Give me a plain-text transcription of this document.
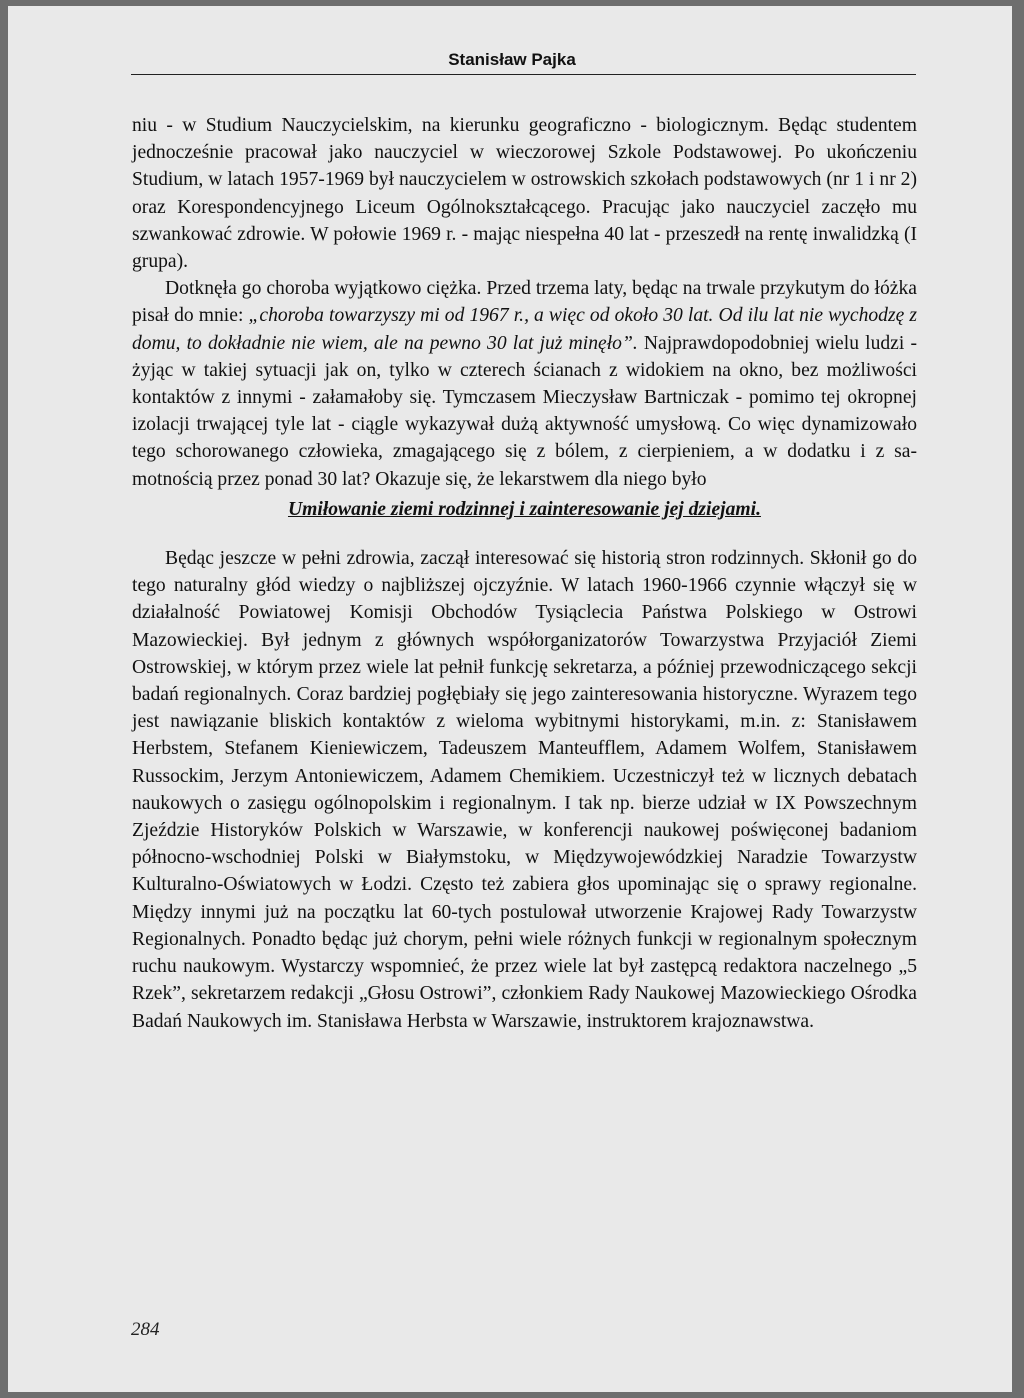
Stanisław Pajka

niu - w Studium Nauczycielskim, na kierunku geograficzno - biologicznym. Będąc studentem jednocześnie pracował jako nauczyciel w wieczorowej Szkole Podstawowej. Po ukończeniu Studium, w latach 1957-1969 był nauczycielem w ostrowskich szkołach podstawowych (nr 1 i nr 2) oraz Korespondencyjnego Liceum Ogólnokształcącego. Pracując jako nauczyciel zaczęło mu szwankować zdrowie. W połowie 1969 r. - mając niespełna 40 lat - przeszedł na rentę inwalidzką (I grupa).

Dotknęła go choroba wyjątkowo ciężka. Przed trzema laty, będąc na trwale przykutym do łóżka pisał do mnie: „choroba towarzyszy mi od 1967 r., a więc od około 30 lat. Od ilu lat nie wychodzę z domu, to dokładnie nie wiem, ale na pewno 30 lat już minęło”. Najprawdopodobniej wielu ludzi - żyjąc w takiej sytuacji jak on, tylko w czterech ścianach z widokiem na okno, bez możliwości kontaktów z innymi - załamałoby się. Tymczasem Mieczysław Bartniczak - pomimo tej okropnej izolacji trwającej tyle lat - ciągle wykazywał dużą aktywność umysłową. Co więc dynamizowało tego schorowanego człowieka, zmagającego się z bólem, z cierpieniem, a w dodatku i z samotnością przez ponad 30 lat? Okazuje się, że lekarstwem dla niego było

Umiłowanie ziemi rodzinnej i zainteresowanie jej dziejami.

Będąc jeszcze w pełni zdrowia, zaczął interesować się historią stron rodzinnych. Skłonił go do tego naturalny głód wiedzy o najbliższej ojczyźnie. W latach 1960-1966 czynnie włączył się w działalność Powiatowej Komisji Obchodów Tysiąclecia Państwa Polskiego w Ostrowi Mazowieckiej. Był jednym z głównych współorganizatorów Towarzystwa Przyjaciół Ziemi Ostrowskiej, w którym przez wiele lat pełnił funkcję sekretarza, a później przewodniczącego sekcji badań regionalnych. Coraz bardziej pogłębiały się jego zainteresowania historyczne. Wyrazem tego jest nawiązanie bliskich kontaktów z wieloma wybitnymi historykami, m.in. z: Stanisławem Herbstem, Stefanem Kieniewiczem, Tadeuszem Manteufflem, Adamem Wolfem, Stanisławem Russockim, Jerzym Antoniewiczem, Adamem Chemikiem. Uczestniczył też w licznych debatach naukowych o zasięgu ogólnopolskim i regionalnym. I tak np. bierze udział w IX Powszechnym Zjeździe Historyków Polskich w Warszawie, w konferencji naukowej poświęconej badaniom północno-wschodniej Polski w Białymstoku, w Międzywojewódzkiej Naradzie Towarzystw Kulturalno-Oświatowych w Łodzi. Często też zabiera głos upominając się o sprawy regionalne. Między innymi już na początku lat 60-tych postulował utworzenie Krajowej Rady Towarzystw Regionalnych. Ponadto będąc już chorym, pełni wiele różnych funkcji w regionalnym społecznym ruchu naukowym. Wystarczy wspomnieć, że przez wiele lat był zastępcą redaktora naczelnego „5 Rzek”, sekretarzem redakcji „Głosu Ostrowi”, członkiem Rady Naukowej Mazowieckiego Ośrodka Badań Naukowych im. Stanisława Herbsta w Warszawie, instruktorem krajoznawstwa.

284
